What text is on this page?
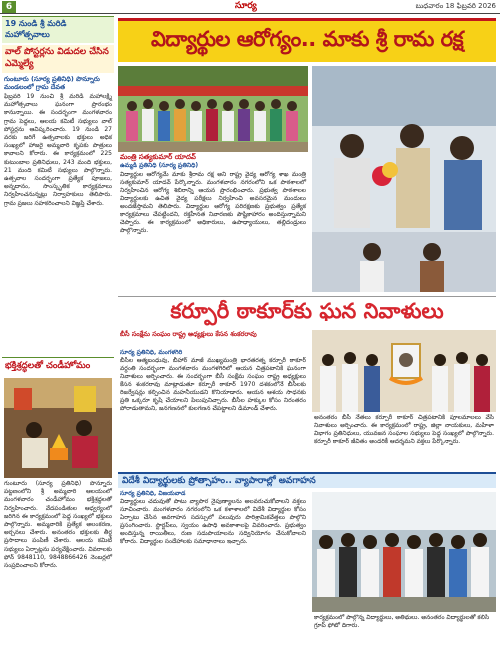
6	సూర్య	బుధవారం 18 ఫిబ్రవరి 2026
19 నుండి శ్రీ మరిడి మహోత్సవాలు
వాల్ పోస్టర్లను విడుదల చేసిన ఎమ్మెల్యే
గుంటూరు (సూర్య ప్రతినిధి) పొన్నూరు మండలంలో గ్రామ దేవత
ఫిబ్రవరి 19 నుంచి శ్రీ మరిడి మహాలక్ష్మి మహోత్సవాలు ఘనంగా ప్రారంభం కానున్నాయి. ఈ సందర్భంగా మంగళవారం గ్రామ పెద్దలు, ఆలయ కమిటీ సభ్యులు వాల్ పోస్టర్లను ఆవిష్కరించారు. 19 నుండి 27 వరకు జరిగే ఉత్సవాలకు భక్తులు అధిక సంఖ్యలో హాజరై అమ్మవారి కృపకు పాత్రులు కావాలని కోరారు. ఈ కార్యక్రమంలో 225 కుటుంబాల ప్రతినిధులు, 243 మంది భక్తులు, 21 మంది కమిటీ సభ్యులు పాల్గొన్నారు. ఉత్సవాల సందర్భంగా ప్రత్యేక పూజలు, అన్నదానం, సాంస్కృతిక కార్యక్రమాలు నిర్వహించనున్నట్లు నిర్వాహకులు తెలిపారు. గ్రామ ప్రజలు సహకరించాలని విజ్ఞప్తి చేశారు.
భక్తిశ్రద్ధలతో చండీహోమం
గుంటూరు (సూర్య ప్రతినిధి) పొన్నూరు పట్టణంలోని శ్రీ అమ్మవారి ఆలయంలో మంగళవారం చండీహోమం భక్తిశ్రద్ధలతో నిర్వహించారు. వేదపండితుల ఆధ్వర్యంలో జరిగిన ఈ కార్యక్రమంలో పెద్ద సంఖ్యలో భక్తులు పాల్గొన్నారు. అమ్మవారికి ప్రత్యేక అలంకరణ, అర్చనలు చేశారు. అనంతరం భక్తులకు తీర్థ ప్రసాదాలు పంపిణీ చేశారు. ఆలయ కమిటీ సభ్యులు ఏర్పాట్లను పర్యవేక్షించారు. వివరాలకు ఫోన్ 9848110, 9848866426 నెంబర్లలో సంప్రదించాలని కోరారు.
విద్యార్థుల ఆరోగ్యం.. మాకు శ్రీ రామ రక్ష
మంత్రి సత్యకుమార్ యాదవ్
ఉమ్మడి ప్రతినిధి (సూర్య ప్రతినిధి)
విద్యార్థుల ఆరోగ్యమే మాకు శ్రీరామ రక్ష అని రాష్ట్ర వైద్య ఆరోగ్య శాఖ మంత్రి సత్యకుమార్ యాదవ్ పేర్కొన్నారు. మంగళవారం నగరంలోని ఒక పాఠశాలలో నిర్వహించిన ఆరోగ్య శిబిరాన్ని ఆయన ప్రారంభించారు. ప్రభుత్వ పాఠశాలల విద్యార్థులకు ఉచిత వైద్య పరీక్షలు నిర్వహించి అవసరమైన మందులు అందజేస్తామని తెలిపారు. విద్యార్థుల ఆరోగ్య పరిరక్షణకు ప్రభుత్వం ప్రత్యేక కార్యక్రమాలు చేపట్టిందని, రక్తహీనత నివారణకు పౌష్టికాహారం అందిస్తున్నామని చెప్పారు. ఈ కార్యక్రమంలో అధికారులు, ఉపాధ్యాయులు, తల్లిదండ్రులు పాల్గొన్నారు.
కర్పూరీ ఠాకూర్‌కు ఘన నివాళులు
బీసీ సంక్షేమ సంఘం రాష్ట్ర అధ్యక్షులు కేసన శంకరరావు
సూర్య ప్రతినిధి, మంగళగిరి
బీసీల ఆత్మబంధువు, బీహార్ మాజీ ముఖ్యమంత్రి భారతరత్న కర్పూరీ ఠాకూర్ వర్ధంతి సందర్భంగా మంగళవారం మంగళగిరిలో ఆయన చిత్రపటానికి ఘనంగా నివాళులు అర్పించారు. ఈ సందర్భంగా బీసీ సంక్షేమ సంఘం రాష్ట్ర అధ్యక్షులు కేసన శంకరరావు మాట్లాడుతూ కర్పూరీ ఠాకూర్ 1970 దశకంలోనే బీసీలకు రిజర్వేషన్లు కల్పించిన మహనీయుడని కొనియాడారు. ఆయన ఆశయ సాధనకు ప్రతి ఒక్కరూ కృషి చేయాలని పిలుపునిచ్చారు. బీసీల హక్కుల కోసం నిరంతరం పోరాడుతామని, జనగణనలో కులగణన చేపట్టాలని డిమాండ్ చేశారు.
అనంతరం బీసీ నేతలు కర్పూరీ ఠాకూర్ చిత్రపటానికి పూలమాలలు వేసి నివాళులు అర్పించారు. ఈ కార్యక్రమంలో రాష్ట్ర, జిల్లా నాయకులు, మహిళా విభాగం ప్రతినిధులు, యువజన సంఘాల సభ్యులు పెద్ద సంఖ్యలో పాల్గొన్నారు. కర్పూరీ ఠాకూర్ జీవితం అందరికీ ఆదర్శమని వక్తలు పేర్కొన్నారు.
విదేశీ విద్యార్థులకు ప్రోత్సాహం.. వ్యాపారాల్లో అవగాహన
సూర్య ప్రతినిధి, విజయవాడ
విద్యార్థులు చదువుతో పాటు వ్యాపార నైపుణ్యాలను అలవరుచుకోవాలని వక్తలు సూచించారు. మంగళవారం నగరంలోని ఒక కళాశాలలో విదేశీ విద్యార్థుల కోసం ఏర్పాటు చేసిన అవగాహన సదస్సులో పలువురు పారిశ్రామికవేత్తలు పాల్గొని ప్రసంగించారు. స్టార్టప్‌లు, స్వయం ఉపాధి అవకాశాలపై వివరించారు. ప్రభుత్వం అందిస్తున్న రాయితీలు, రుణ సదుపాయాలను సద్వినియోగం చేసుకోవాలని కోరారు. విద్యార్థుల సందేహాలకు సమాధానాలు ఇచ్చారు.
కార్యక్రమంలో పాల్గొన్న విద్యార్థులు, అతిథులు. అనంతరం విద్యార్థులతో కలిసి గ్రూప్ ఫోటో దిగారు.
